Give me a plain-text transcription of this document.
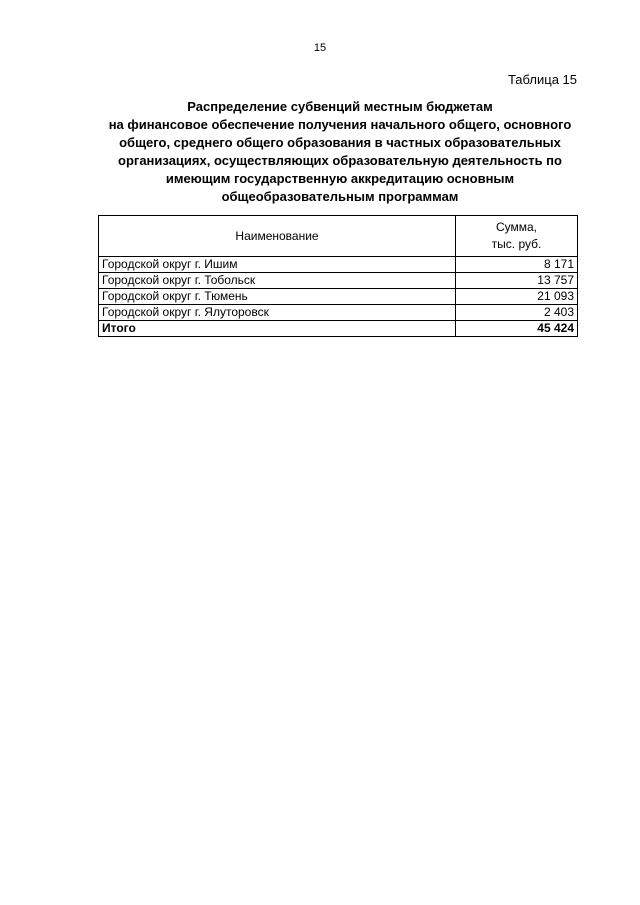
15
Таблица 15
Распределение субвенций местным бюджетам
на финансовое обеспечение получения начального общего, основного
общего, среднего общего образования в частных образовательных
организациях, осуществляющих образовательную деятельность по
имеющим государственную аккредитацию основным
общеобразовательным программам
Наименование	Сумма,
тыс. руб.
Городской округ г. Ишим	8 171
Городской округ г. Тобольск	13 757
Городской округ г. Тюмень	21 093
Городской округ г. Ялуторовск	2 403
Итого	45 424
